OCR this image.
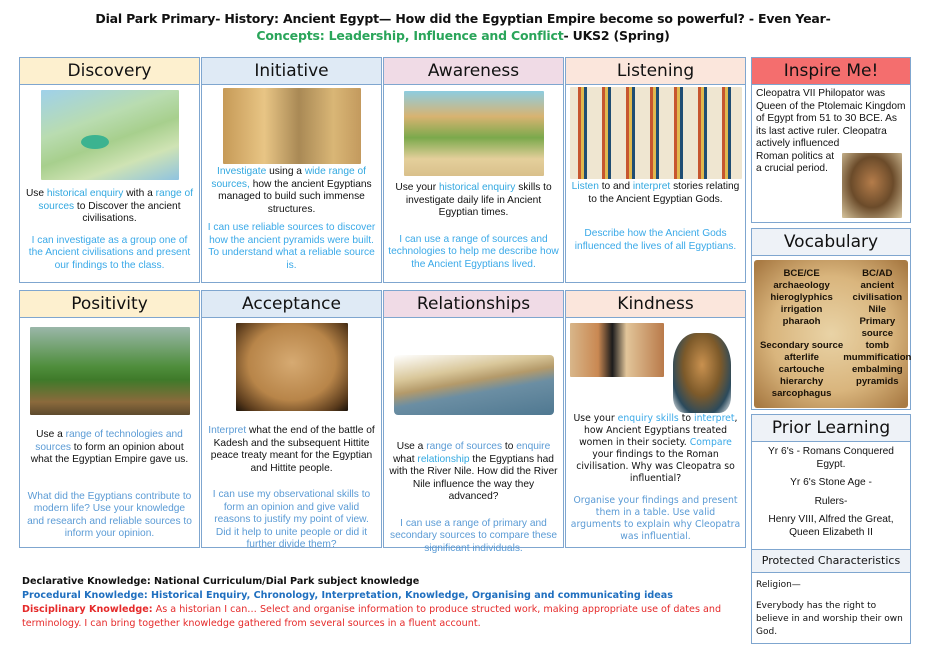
Dial Park Primary- History: Ancient Egypt— How did the Egyptian Empire become so powerful? - Even Year-
Concepts: Leadership, Influence and Conflict- UKS2 (Spring)
Discovery
Use historical enquiry with a range of sources to Discover the ancient civilisations.
I can investigate as a group one of the Ancient civilisations and present our findings to the class.
Initiative
Investigate using a wide range of sources, how the ancient Egyptians managed to build such immense structures.
I can use reliable sources to discover how the ancient pyramids were built. To understand what a reliable source is.
Awareness
Use your historical enquiry skills to investigate daily life in Ancient Egyptian times.
I can use a range of sources and technologies to help me describe how the Ancient Egyptians lived.
Listening
Listen to and interpret stories relating to the Ancient Egyptian Gods.
Describe how the Ancient Gods influenced the lives of all Egyptians.
Positivity
Use a range of technologies and sources to form an opinion about what the Egyptian Empire gave us.
What did the Egyptians contribute to modern life? Use your knowledge and research and reliable sources to inform your opinion.
Acceptance
Interpret what the end of the battle of Kadesh and the subsequent Hittite peace treaty meant for the Egyptian and Hittite people.
I can use my observational skills to form an opinion and give valid reasons to justify my point of view. Did it help to unite people or did it further divide them?
Relationships
Use a range of sources to enquire what relationship the Egyptians had with the River Nile. How did the River Nile influence the way they advanced?
I can use a range of primary and secondary sources to compare these significant individuals.
Kindness
Use your enquiry skills to interpret, how Ancient Egyptians treated women in their society. Compare your findings to the Roman civilisation. Why was Cleopatra so influential?
Organise your findings and present them in a table. Use valid arguments to explain why Cleopatra was influential.
Inspire Me!
Cleopatra VII Philopator was Queen of the Ptolemaic Kingdom of Egypt from 51 to 30 BCE. As its last active ruler. Cleopatra actively influenced
Roman politics at a crucial period.
Vocabulary
BCE/CE	BC/AD
archaeology	ancient
hieroglyphics	civilisation
irrigation	Nile
pharaoh	Primary source
Secondary source	tomb
afterlife	mummification
cartouche	embalming
hierarchy	pyramids
sarcophagus
Prior Learning
Yr 6's - Romans Conquered Egypt.
Yr 6's Stone Age -
Rulers-
Henry VIII, Alfred the Great, Queen Elizabeth II
Protected Characteristics
Religion—
Everybody has the right to believe in and worship their own God.
Declarative Knowledge: National Curriculum/Dial Park subject knowledge
Procedural Knowledge: Historical Enquiry, Chronology, Interpretation, Knowledge, Organising and communicating ideas
Disciplinary Knowledge: As a historian I can… Select and organise information to produce structed work, making appropriate use of dates and terminology. I can bring together knowledge gathered from several sources in a fluent account.
